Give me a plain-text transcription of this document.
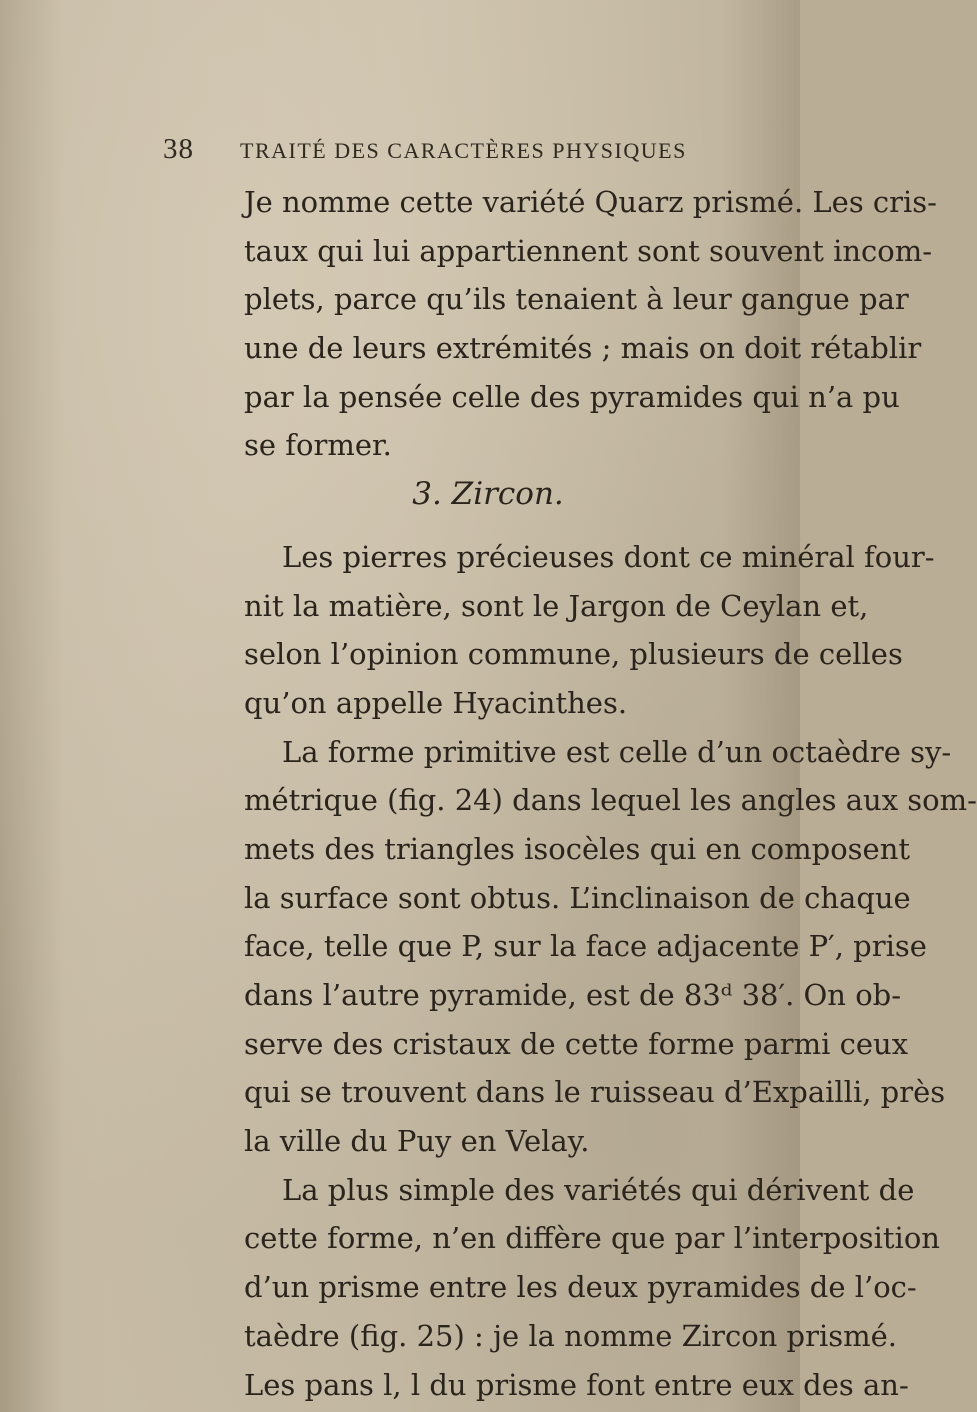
38 TRAITÉ DES CARACTÈRES PHYSIQUES
Je nomme cette variété Quarz prismé. Les cris-
taux qui lui appartiennent sont souvent incom-
plets, parce qu’ils tenaient à leur gangue par
une de leurs extrémités ; mais on doit rétablir
par la pensée celle des pyramides qui n’a pu
se former.
3. Zircon.
Les pierres précieuses dont ce minéral four-
nit la matière, sont le Jargon de Ceylan et,
selon l’opinion commune, plusieurs de celles
qu’on appelle Hyacinthes.
La forme primitive est celle d’un octaèdre sy-
métrique (fig. 24) dans lequel les angles aux som-
mets des triangles isocèles qui en composent
la surface sont obtus. L’inclinaison de chaque
face, telle que P, sur la face adjacente P′, prise
dans l’autre pyramide, est de 83ᵈ 38′. On ob-
serve des cristaux de cette forme parmi ceux
qui se trouvent dans le ruisseau d’Expailli, près
la ville du Puy en Velay.
La plus simple des variétés qui dérivent de
cette forme, n’en diffère que par l’interposition
d’un prisme entre les deux pyramides de l’oc-
taèdre (fig. 25) : je la nomme Zircon prismé.
Les pans l, l du prisme font entre eux des an-
